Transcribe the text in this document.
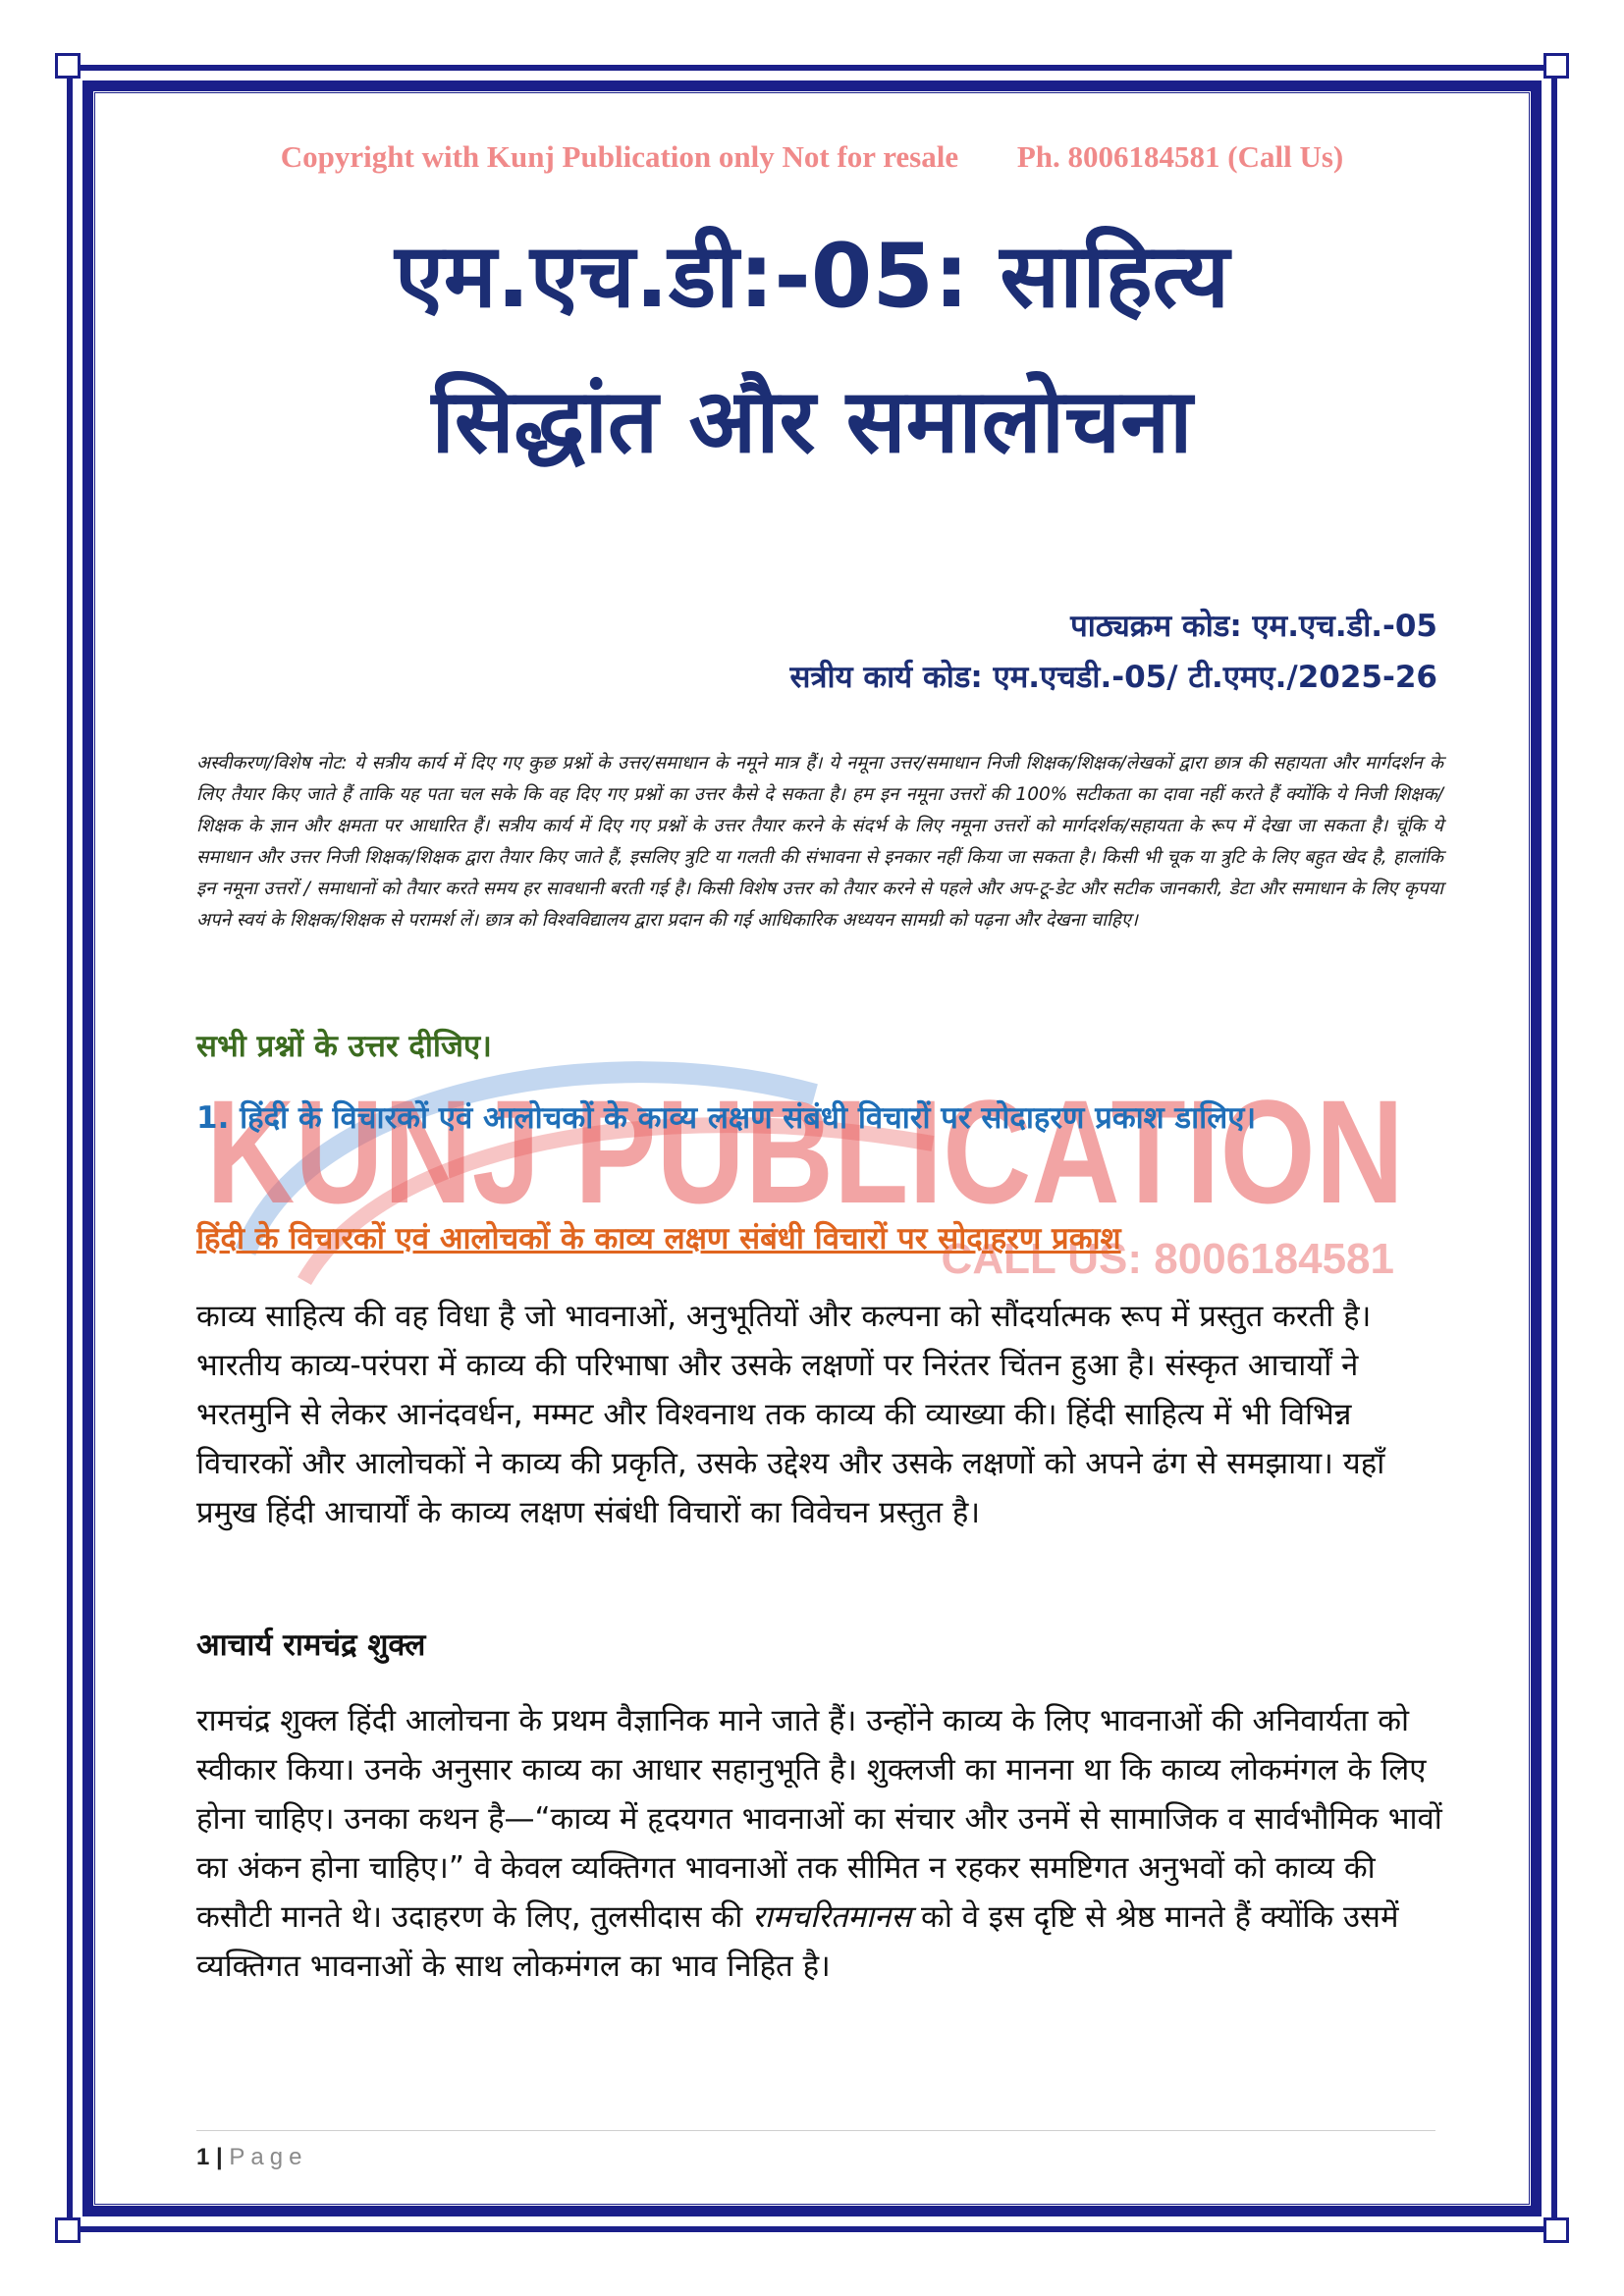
KUNJ PUBLICATION
CALL US: 8006184581
Copyright with Kunj Publication only Not for resale Ph. 8006184581 (Call Us)
एम.एच.डी:-05: साहित्य
सिद्धांत और समालोचना
पाठ्यक्रम कोड: एम.एच.डी.-05
सत्रीय कार्य कोड: एम.एचडी.-05/ टी.एमए./2025-26
अस्वीकरण/विशेष नोट: ये सत्रीय कार्य में दिए गए कुछ प्रश्नों के उत्तर/समाधान के नमूने मात्र हैं। ये नमूना उत्तर/समाधान निजी शिक्षक/शिक्षक/लेखकों द्वारा छात्र की सहायता और मार्गदर्शन के लिए तैयार किए जाते हैं ताकि यह पता चल सके कि वह दिए गए प्रश्नों का उत्तर कैसे दे सकता है। हम इन नमूना उत्तरों की 100% सटीकता का दावा नहीं करते हैं क्योंकि ये निजी शिक्षक/शिक्षक के ज्ञान और क्षमता पर आधारित हैं। सत्रीय कार्य में दिए गए प्रश्नों के उत्तर तैयार करने के संदर्भ के लिए नमूना उत्तरों को मार्गदर्शक/सहायता के रूप में देखा जा सकता है। चूंकि ये समाधान और उत्तर निजी शिक्षक/शिक्षक द्वारा तैयार किए जाते हैं, इसलिए त्रुटि या गलती की संभावना से इनकार नहीं किया जा सकता है। किसी भी चूक या त्रुटि के लिए बहुत खेद है, हालांकि इन नमूना उत्तरों / समाधानों को तैयार करते समय हर सावधानी बरती गई है। किसी विशेष उत्तर को तैयार करने से पहले और अप-टू-डेट और सटीक जानकारी, डेटा और समाधान के लिए कृपया अपने स्वयं के शिक्षक/शिक्षक से परामर्श लें। छात्र को विश्वविद्यालय द्वारा प्रदान की गई आधिकारिक अध्ययन सामग्री को पढ़ना और देखना चाहिए।
सभी प्रश्नों के उत्तर दीजिए।
1. हिंदी के विचारकों एवं आलोचकों के काव्य लक्षण संबंधी विचारों पर सोदाहरण प्रकाश डालिए।
हिंदी के विचारकों एवं आलोचकों के काव्य लक्षण संबंधी विचारों पर सोदाहरण प्रकाश
काव्य साहित्य की वह विधा है जो भावनाओं, अनुभूतियों और कल्पना को सौंदर्यात्मक रूप में प्रस्तुत करती है। भारतीय काव्य-परंपरा में काव्य की परिभाषा और उसके लक्षणों पर निरंतर चिंतन हुआ है। संस्कृत आचार्यों ने भरतमुनि से लेकर आनंदवर्धन, मम्मट और विश्वनाथ तक काव्य की व्याख्या की। हिंदी साहित्य में भी विभिन्न विचारकों और आलोचकों ने काव्य की प्रकृति, उसके उद्देश्य और उसके लक्षणों को अपने ढंग से समझाया। यहाँ प्रमुख हिंदी आचार्यों के काव्य लक्षण संबंधी विचारों का विवेचन प्रस्तुत है।
आचार्य रामचंद्र शुक्ल
रामचंद्र शुक्ल हिंदी आलोचना के प्रथम वैज्ञानिक माने जाते हैं। उन्होंने काव्य के लिए भावनाओं की अनिवार्यता को स्वीकार किया। उनके अनुसार काव्य का आधार सहानुभूति है। शुक्लजी का मानना था कि काव्य लोकमंगल के लिए होना चाहिए। उनका कथन है—“काव्य में हृदयगत भावनाओं का संचार और उनमें से सामाजिक व सार्वभौमिक भावों का अंकन होना चाहिए।” वे केवल व्यक्तिगत भावनाओं तक सीमित न रहकर समष्टिगत अनुभवों को काव्य की कसौटी मानते थे। उदाहरण के लिए, तुलसीदास की रामचरितमानस को वे इस दृष्टि से श्रेष्ठ मानते हैं क्योंकि उसमें व्यक्तिगत भावनाओं के साथ लोकमंगल का भाव निहित है।
1 | Page
